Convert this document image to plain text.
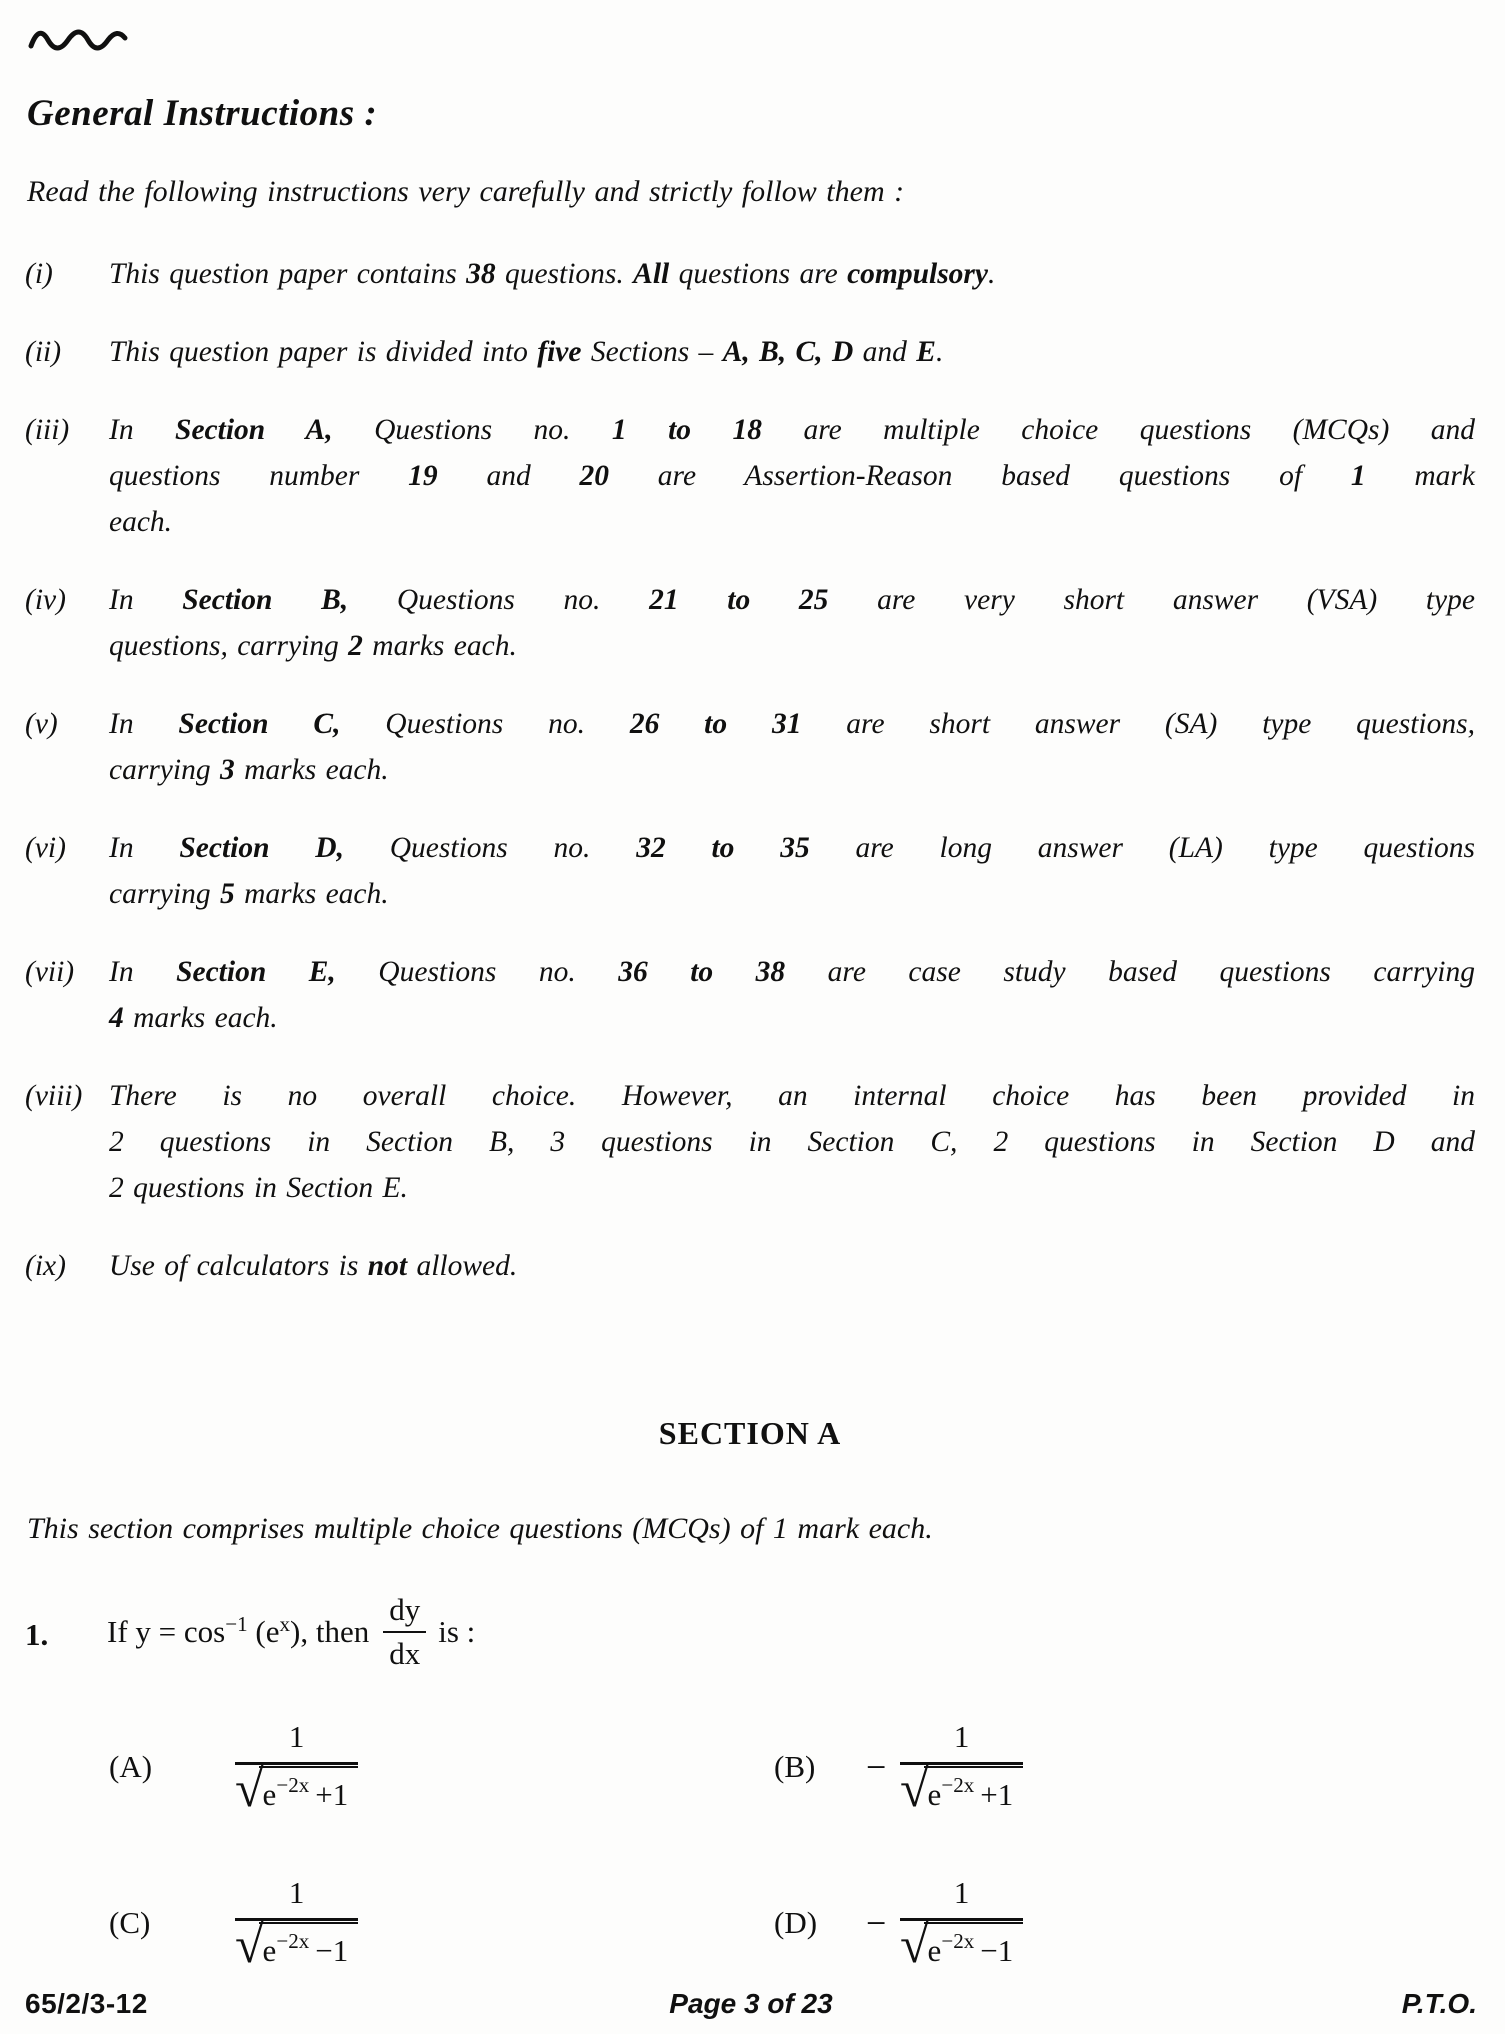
General Instructions :

Read the following instructions very carefully and strictly follow them :

(i)	This question paper contains 38 questions. All questions are compulsory.
(ii)	This question paper is divided into five Sections – A, B, C, D and E.
(iii)	In Section A, Questions no. 1 to 18 are multiple choice questions (MCQs) and
questions number 19 and 20 are Assertion-Reason based questions of 1 mark
each.
(iv)	In Section B, Questions no. 21 to 25 are very short answer (VSA) type
questions, carrying 2 marks each.
(v)	In Section C, Questions no. 26 to 31 are short answer (SA) type questions,
carrying 3 marks each.
(vi)	In Section D, Questions no. 32 to 35 are long answer (LA) type questions
carrying 5 marks each.
(vii)	In Section E, Questions no. 36 to 38 are case study based questions carrying
4 marks each.
(viii) There is no overall choice. However, an internal choice has been provided in
2 questions in Section B, 3 questions in Section C, 2 questions in Section D and
2 questions in Section E.
(ix)	Use of calculators is not allowed.
SECTION A

This section comprises multiple choice questions (MCQs) of 1 mark each.

1.	If $y = \cos^{-1} (e^x)$, then $\frac{dy}{dx}$ is :
(A)	$\frac{1}{√ e^{-2x} +1}$	(B)	− $\frac{1}{√ e^{-2x} +1}$
(C)	$\frac{1}{√ e^{-2x} -1}$	(D)	− $\frac{1}{√ e^{-2x} -1}$
65/2/3-12	Page 3 of 23	P.T.O.
